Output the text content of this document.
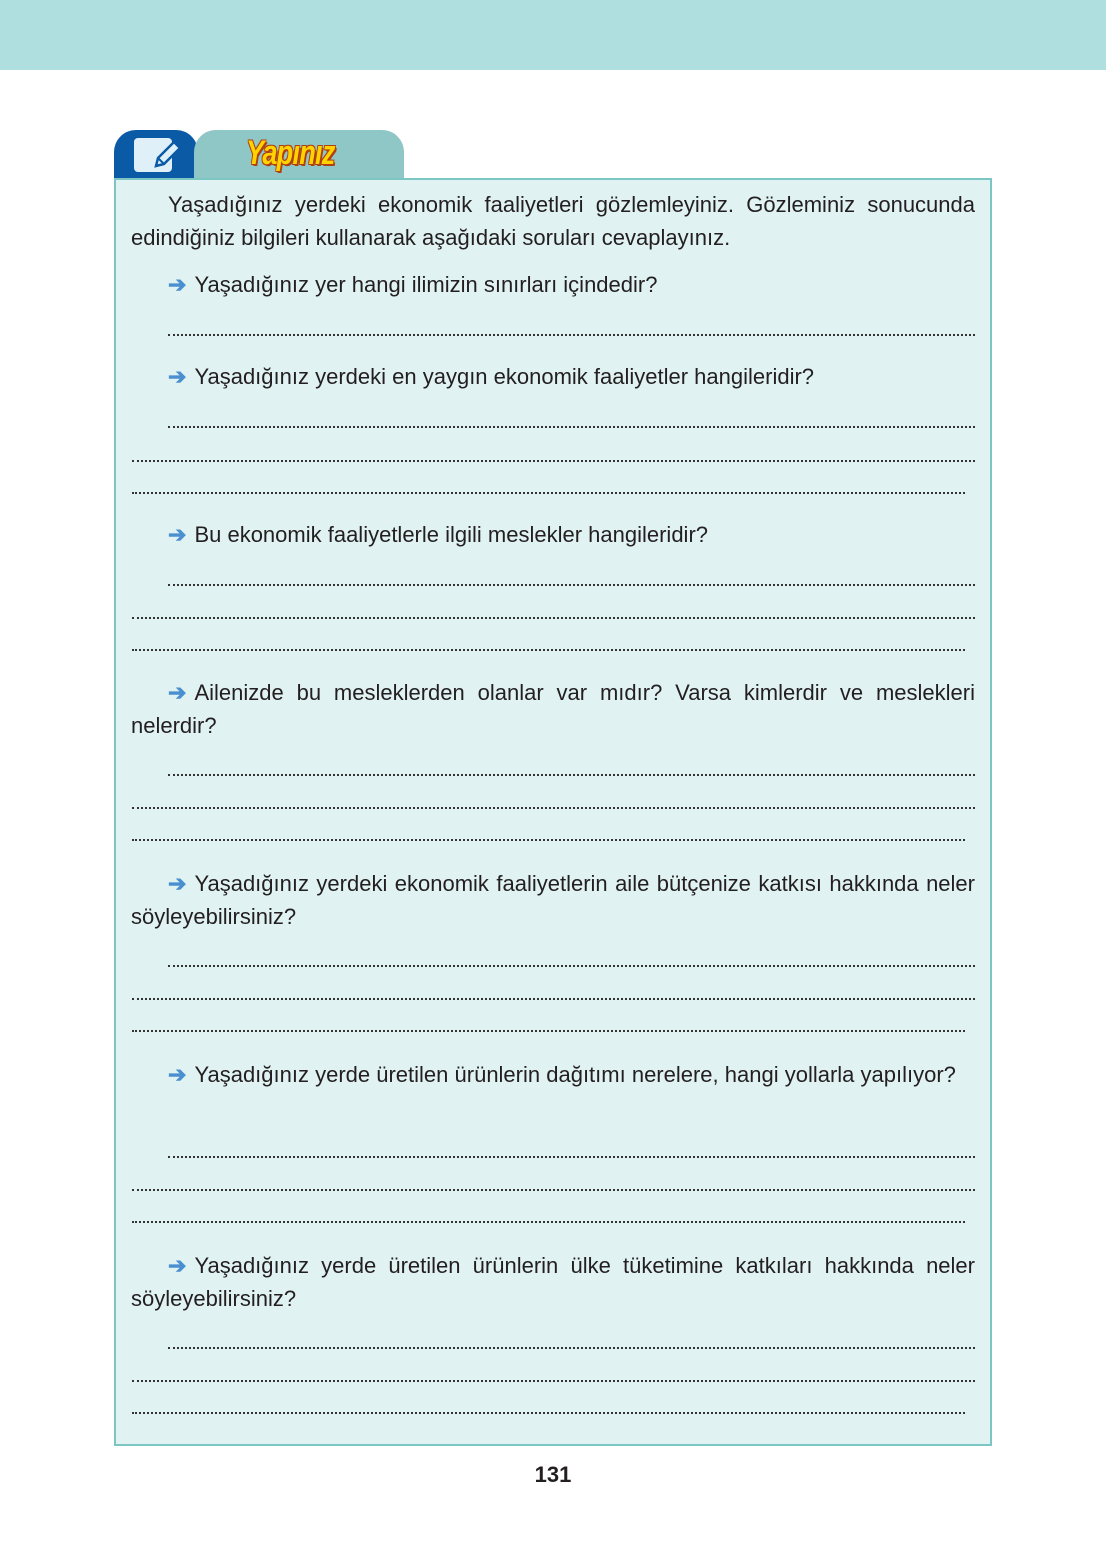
Yapınız
Yaşadığınız yerdeki ekonomik faaliyetleri gözlemleyiniz. Gözleminiz sonucunda edindiğiniz bilgileri kullanarak aşağıdaki soruları cevaplayınız.
➔ Yaşadığınız yer hangi ilimizin sınırları içindedir?
➔ Yaşadığınız yerdeki en yaygın ekonomik faaliyetler hangileridir?
➔ Bu ekonomik faaliyetlerle ilgili meslekler hangileridir?
➔ Ailenizde bu mesleklerden olanlar var mıdır? Varsa kimlerdir ve meslekleri nelerdir?
➔ Yaşadığınız yerdeki ekonomik faaliyetlerin aile bütçenize katkısı hakkında neler söyleyebilirsiniz?
➔ Yaşadığınız yerde üretilen ürünlerin dağıtımı nerelere, hangi yollarla yapılıyor?
➔ Yaşadığınız yerde üretilen ürünlerin ülke tüketimine katkıları hakkında neler söyleyebilirsiniz?
131
